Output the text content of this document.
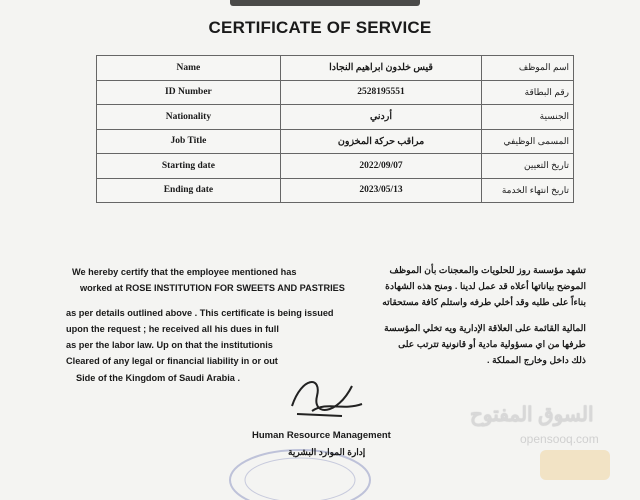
CERTIFICATE OF SERVICE
Name	قيس خلدون ابراهيم النجادا	اسم الموظف
ID Number	2528195551	رقم البطاقة
Nationality	أردني	الجنسية
Job Title	مراقب حركة المخزون	المسمى الوظيفي
Starting date	2022/09/07	تاريخ التعيين
Ending date	2023/05/13	تاريخ انتهاء الخدمة
We hereby certify that the employee mentioned has
worked at ROSE INSTITUTION FOR SWEETS AND PASTRIES
as per details outlined above . This certificate is being issued
upon the request ; he received all his dues in full
as per the labor law. Up on that the institutionis
Cleared of any legal or financial liability in or out
Side of the Kingdom of Saudi Arabia .
تشهد مؤسسة روز للحلويات والمعجنات بأن الموظف
الموضح بياناتها أعلاه قد عمل لدينا . ومنح هذه الشهادة
بناءاً على طلبه وقد أخلي طرفه واستلم كافة مستحقاته
المالية القائمة على العلاقة الإدارية ويه تخلي المؤسسة
طرفها من اي مسؤولية مادية أو قانونية تترتب على
ذلك داخل وخارج المملكة .
Human Resource Management
إدارة الموارد البشرية
السوق المفتوح
opensooq.com
